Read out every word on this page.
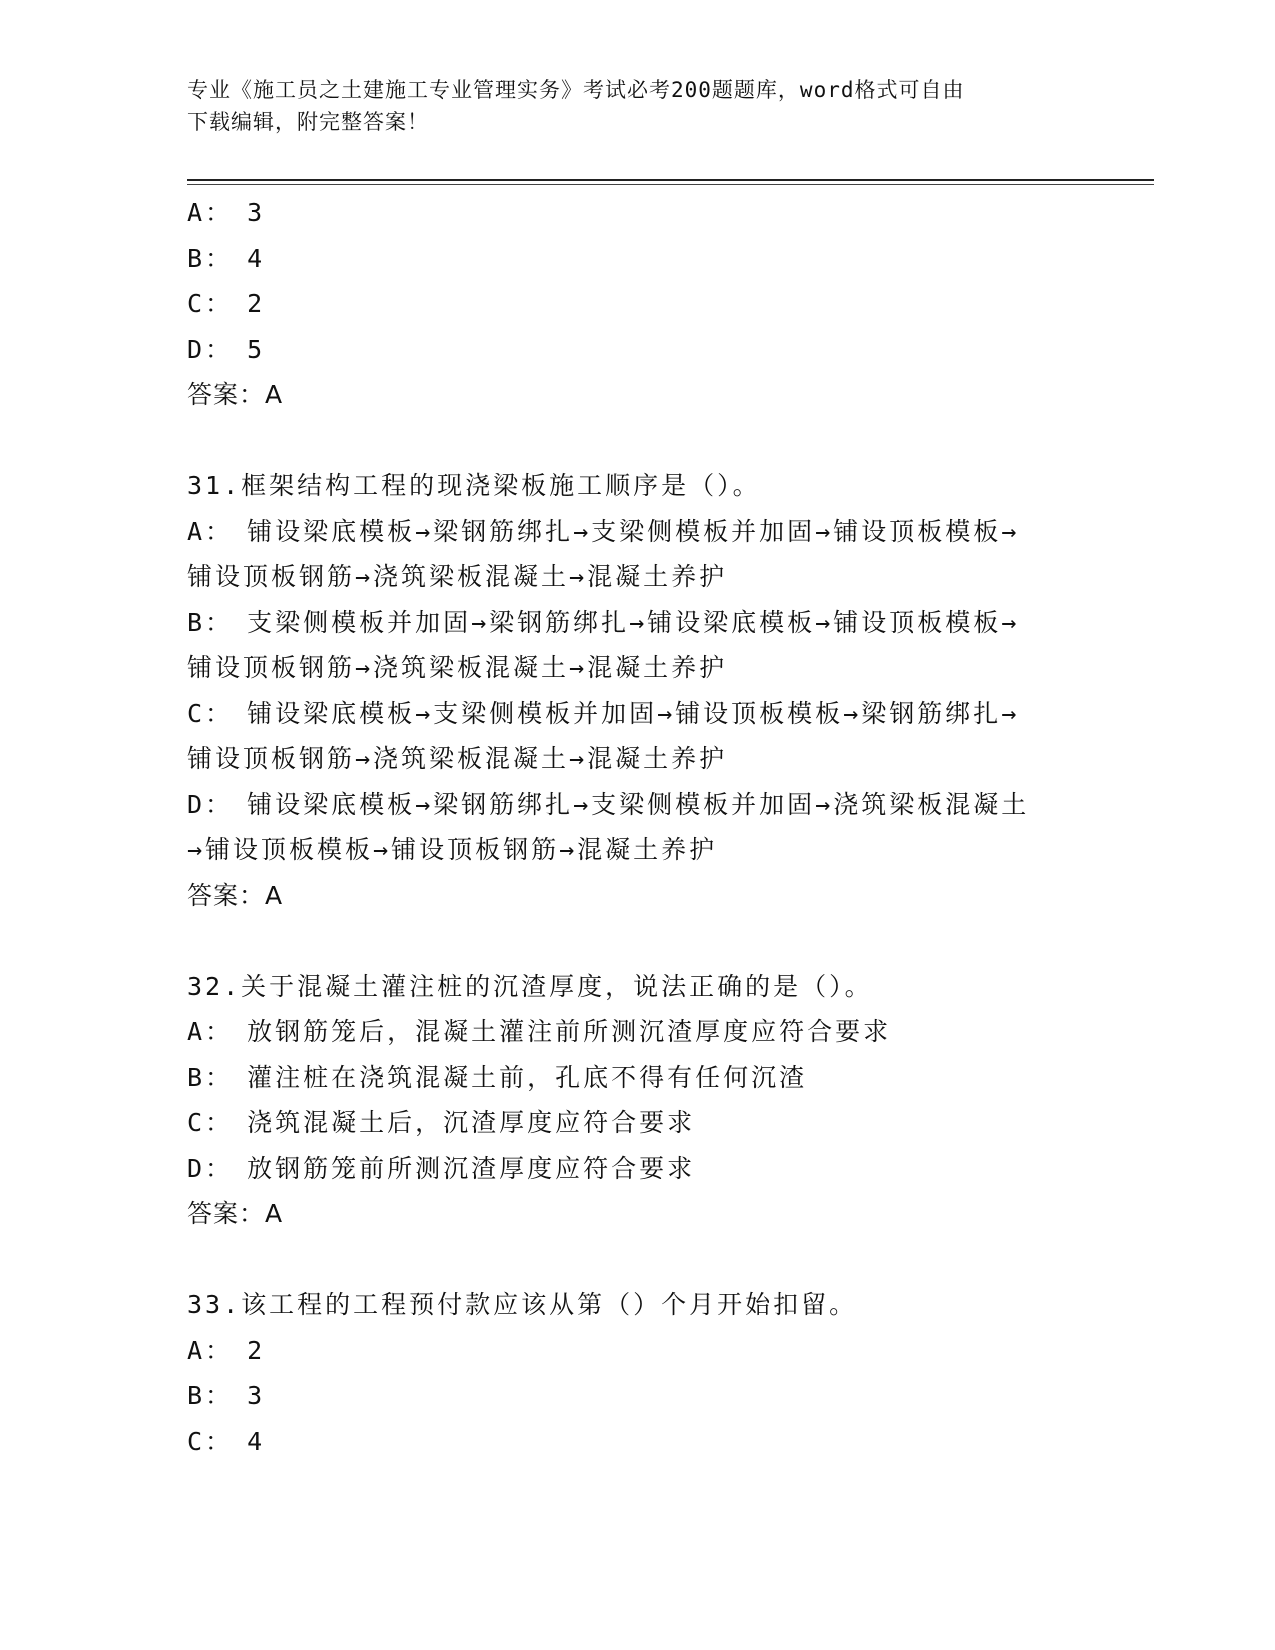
专业《施工员之土建施工专业管理实务》考试必考200题题库，word格式可自由
下载编辑，附完整答案！
A： 3
B： 4
C： 2
D： 5
答案：A
31.框架结构工程的现浇梁板施工顺序是（）。
A： 铺设梁底模板→梁钢筋绑扎→支梁侧模板并加固→铺设顶板模板→
铺设顶板钢筋→浇筑梁板混凝土→混凝土养护
B： 支梁侧模板并加固→梁钢筋绑扎→铺设梁底模板→铺设顶板模板→
铺设顶板钢筋→浇筑梁板混凝土→混凝土养护
C： 铺设梁底模板→支梁侧模板并加固→铺设顶板模板→梁钢筋绑扎→
铺设顶板钢筋→浇筑梁板混凝土→混凝土养护
D： 铺设梁底模板→梁钢筋绑扎→支梁侧模板并加固→浇筑梁板混凝土
→铺设顶板模板→铺设顶板钢筋→混凝土养护
答案：A
32.关于混凝土灌注桩的沉渣厚度，说法正确的是（）。
A： 放钢筋笼后，混凝土灌注前所测沉渣厚度应符合要求
B： 灌注桩在浇筑混凝土前，孔底不得有任何沉渣
C： 浇筑混凝土后，沉渣厚度应符合要求
D： 放钢筋笼前所测沉渣厚度应符合要求
答案：A
33.该工程的工程预付款应该从第（）个月开始扣留。
A： 2
B： 3
C： 4
